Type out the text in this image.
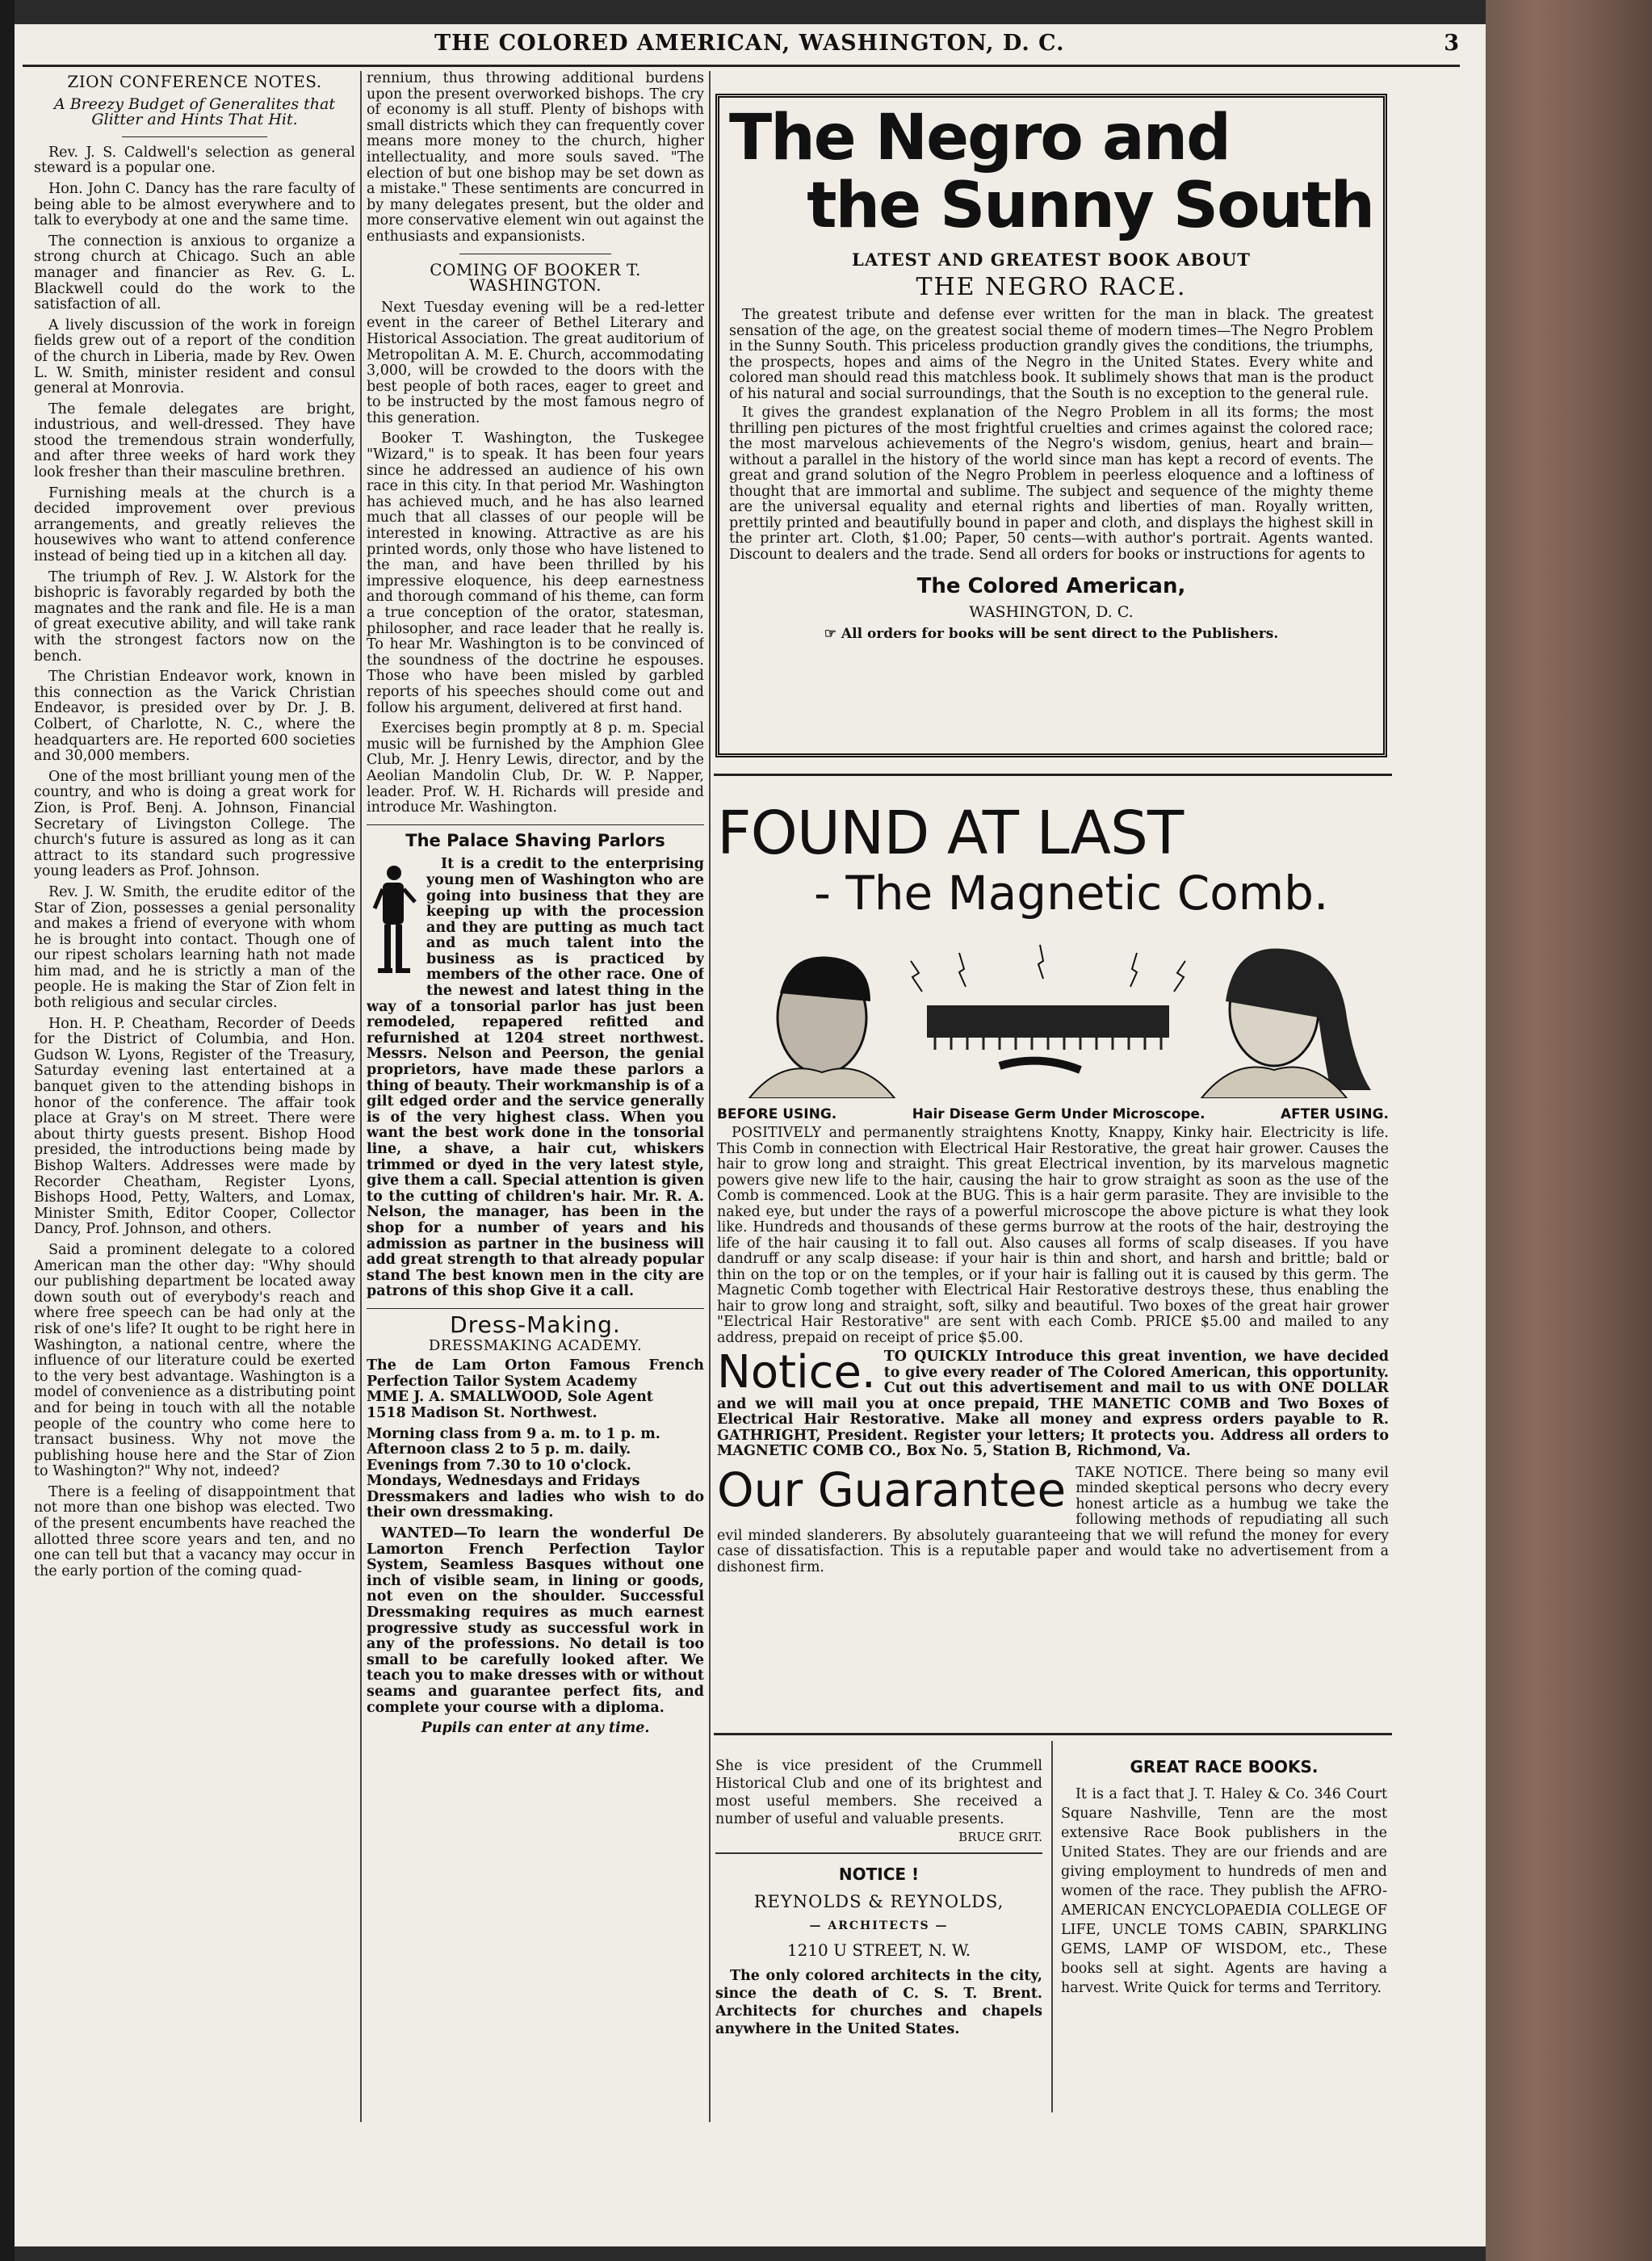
THE COLORED AMERICAN, WASHINGTON, D. C.	3
ZION CONFERENCE NOTES.
A Breezy Budget of Generalites that Glitter and Hints That Hit.

Rev. J. S. Caldwell's selection as general steward is a popular one.

Hon. John C. Dancy has the rare faculty of being able to be almost everywhere and to talk to everybody at one and the same time.

The connection is anxious to organize a strong church at Chicago. Such an able manager and financier as Rev. G. L. Blackwell could do the work to the satisfaction of all.

A lively discussion of the work in foreign fields grew out of a report of the condition of the church in Liberia, made by Rev. Owen L. W. Smith, minister resident and consul general at Monrovia.

The female delegates are bright, industrious, and well-dressed. They have stood the tremendous strain wonderfully, and after three weeks of hard work they look fresher than their masculine brethren.

Furnishing meals at the church is a decided improvement over previous arrangements, and greatly relieves the housewives who want to attend conference instead of being tied up in a kitchen all day.

The triumph of Rev. J. W. Alstork for the bishopric is favorably regarded by both the magnates and the rank and file. He is a man of great executive ability, and will take rank with the strongest factors now on the bench.

The Christian Endeavor work, known in this connection as the Varick Christian Endeavor, is presided over by Dr. J. B. Colbert, of Charlotte, N. C., where the headquarters are. He reported 600 societies and 30,000 members.

One of the most brilliant young men of the country, and who is doing a great work for Zion, is Prof. Benj. A. Johnson, Financial Secretary of Livingston College. The church's future is assured as long as it can attract to its standard such progressive young leaders as Prof. Johnson.

Rev. J. W. Smith, the erudite editor of the Star of Zion, possesses a genial personality and makes a friend of everyone with whom he is brought into contact. Though one of our ripest scholars learning hath not made him mad, and he is strictly a man of the people. He is making the Star of Zion felt in both religious and secular circles.

Hon. H. P. Cheatham, Recorder of Deeds for the District of Columbia, and Hon. Gudson W. Lyons, Register of the Treasury, Saturday evening last entertained at a banquet given to the attending bishops in honor of the conference. The affair took place at Gray's on M street. There were about thirty guests present. Bishop Hood presided, the introductions being made by Bishop Walters. Addresses were made by Recorder Cheatham, Register Lyons, Bishops Hood, Petty, Walters, and Lomax, Minister Smith, Editor Cooper, Collector Dancy, Prof. Johnson, and others.

Said a prominent delegate to a colored American man the other day: "Why should our publishing department be located away down south out of everybody's reach and where free speech can be had only at the risk of one's life? It ought to be right here in Washington, a national centre, where the influence of our literature could be exerted to the very best advantage. Washington is a model of convenience as a distributing point and for being in touch with all the notable people of the country who come here to transact business. Why not move the publishing house here and the Star of Zion to Washington?" Why not, indeed?

There is a feeling of disappointment that not more than one bishop was elected. Two of the present encumbents have reached the allotted three score years and ten, and no one can tell but that a vacancy may occur in the early portion of the coming quad-

rennium, thus throwing additional burdens upon the present overworked bishops. The cry of economy is all stuff. Plenty of bishops with small districts which they can frequently cover means more money to the church, higher intellectuality, and more souls saved. "The election of but one bishop may be set down as a mistake." These sentiments are concurred in by many delegates present, but the older and more conservative element win out against the enthusiasts and expansionists.

COMING OF BOOKER T. WASHINGTON.

Next Tuesday evening will be a red-letter event in the career of Bethel Literary and Historical Association. The great auditorium of Metropolitan A. M. E. Church, accommodating 3,000, will be crowded to the doors with the best people of both races, eager to greet and to be instructed by the most famous negro of this generation.

Booker T. Washington, the Tuskegee "Wizard," is to speak. It has been four years since he addressed an audience of his own race in this city. In that period Mr. Washington has achieved much, and he has also learned much that all classes of our people will be interested in knowing. Attractive as are his printed words, only those who have listened to the man, and have been thrilled by his impressive eloquence, his deep earnestness and thorough command of his theme, can form a true conception of the orator, statesman, philosopher, and race leader that he really is. To hear Mr. Washington is to be convinced of the soundness of the doctrine he espouses. Those who have been misled by garbled reports of his speeches should come out and follow his argument, delivered at first hand.

Exercises begin promptly at 8 p. m. Special music will be furnished by the Amphion Glee Club, Mr. J. Henry Lewis, director, and by the Aeolian Mandolin Club, Dr. W. P. Napper, leader. Prof. W. H. Richards will preside and introduce Mr. Washington.

The Palace Shaving Parlors

It is a credit to the enterprising young men of Washington who are going into business that they are keeping up with the procession and they are putting as much tact and as much talent into the business as is practiced by members of the other race. One of the newest and latest thing in the way of a tonsorial parlor has just been remodeled, repapered refitted and refurnished at 1204 street northwest. Messrs. Nelson and Peerson, the genial proprietors, have made these parlors a thing of beauty. Their workmanship is of a gilt edged order and the service generally is of the very highest class. When you want the best work done in the tonsorial line, a shave, a hair cut, whiskers trimmed or dyed in the very latest style, give them a call. Special attention is given to the cutting of children's hair. Mr. R. A. Nelson, the manager, has been in the shop for a number of years and his admission as partner in the business will add great strength to that already popular stand The best known men in the city are patrons of this shop Give it a call.

Dress-Making.
DRESSMAKING ACADEMY.
The de Lam Orton Famous French Perfection Tailor System Academy
MME J. A. SMALLWOOD, Sole Agent
1518 Madison St. Northwest.
Morning class from 9 a. m. to 1 p. m.
Afternoon class 2 to 5 p. m. daily.
Evenings from 7.30 to 10 o'clock.
Mondays, Wednesdays and Fridays
Dressmakers and ladies who wish to do their own dressmaking.

WANTED—To learn the wonderful De Lamorton French Perfection Taylor System, Seamless Basques without one inch of visible seam, in lining or goods, not even on the shoulder. Successful Dressmaking requires as much earnest progressive study as successful work in any of the professions. No detail is too small to be carefully looked after. We teach you to make dresses with or without seams and guarantee perfect fits, and complete your course with a diploma.

Pupils can enter at any time.
The Negro and
the Sunny South
LATEST AND GREATEST BOOK ABOUT
THE NEGRO RACE.

The greatest tribute and defense ever written for the man in black. The greatest sensation of the age, on the greatest social theme of modern times—The Negro Problem in the Sunny South. This priceless production grandly gives the conditions, the triumphs, the prospects, hopes and aims of the Negro in the United States. Every white and colored man should read this matchless book. It sublimely shows that man is the product of his natural and social surroundings, that the South is no exception to the general rule.

It gives the grandest explanation of the Negro Problem in all its forms; the most thrilling pen pictures of the most frightful cruelties and crimes against the colored race; the most marvelous achievements of the Negro's wisdom, genius, heart and brain—without a parallel in the history of the world since man has kept a record of events. The great and grand solution of the Negro Problem in peerless eloquence and a loftiness of thought that are immortal and sublime. The subject and sequence of the mighty theme are the universal equality and eternal rights and liberties of man. Royally written, prettily printed and beautifully bound in paper and cloth, and displays the highest skill in the printer art. Cloth, $1.00; Paper, 50 cents—with author's portrait. Agents wanted. Discount to dealers and the trade. Send all orders for books or instructions for agents to

The Colored American,
WASHINGTON, D. C.
☞ All orders for books will be sent direct to the Publishers.
FOUND AT LAST
- The Magnetic Comb.
BEFORE USING.	Hair Disease Germ Under Microscope.	AFTER USING.

POSITIVELY and permanently straightens Knotty, Knappy, Kinky hair. Electricity is life. This Comb in connection with Electrical Hair Restorative, the great hair grower. Causes the hair to grow long and straight. This great Electrical invention, by its marvelous magnetic powers give new life to the hair, causing the hair to grow straight as soon as the use of the Comb is commenced. Look at the BUG. This is a hair germ parasite. They are invisible to the naked eye, but under the rays of a powerful microscope the above picture is what they look like. Hundreds and thousands of these germs burrow at the roots of the hair, destroying the life of the hair causing it to fall out. Also causes all forms of scalp diseases. If you have dandruff or any scalp disease: if your hair is thin and short, and harsh and brittle; bald or thin on the top or on the temples, or if your hair is falling out it is caused by this germ. The Magnetic Comb together with Electrical Hair Restorative destroys these, thus enabling the hair to grow long and straight, soft, silky and beautiful. Two boxes of the great hair grower "Electrical Hair Restorative" are sent with each Comb. PRICE $5.00 and mailed to any address, prepaid on receipt of price $5.00.

Notice. TO QUICKLY Introduce this great invention, we have decided to give every reader of The Colored American, this opportunity. Cut out this advertisement and mail to us with ONE DOLLAR and we will mail you at once prepaid, THE MANETIC COMB and Two Boxes of Electrical Hair Restorative. Make all money and express orders payable to R. GATHRIGHT, President. Register your letters; It protects you. Address all orders to MAGNETIC COMB CO., Box No. 5, Station B, Richmond, Va.

Our Guarantee TAKE NOTICE. There being so many evil minded skeptical persons who decry every honest article as a humbug we take the following methods of repudiating all such evil minded slanderers. By absolutely guaranteeing that we will refund the money for every case of dissatisfaction. This is a reputable paper and would take no advertisement from a dishonest firm.

She is vice president of the Crummell Historical Club and one of its brightest and most useful members. She received a number of useful and valuable presents.
BRUCE GRIT.
NOTICE !
REYNOLDS & REYNOLDS,
— ARCHITECTS —
1210 U STREET, N. W.
The only colored architects in the city, since the death of C. S. T. Brent. Architects for churches and chapels anywhere in the United States.
GREAT RACE BOOKS.
It is a fact that J. T. Haley & Co. 346 Court Square Nashville, Tenn are the most extensive Race Book publishers in the United States. They are our friends and are giving employment to hundreds of men and women of the race. They publish the AFRO-AMERICAN ENCYCLOPAEDIA COLLEGE OF LIFE, UNCLE TOMS CABIN, SPARKLING GEMS, LAMP OF WISDOM, etc., These books sell at sight. Agents are having a harvest. Write Quick for terms and Territory.
